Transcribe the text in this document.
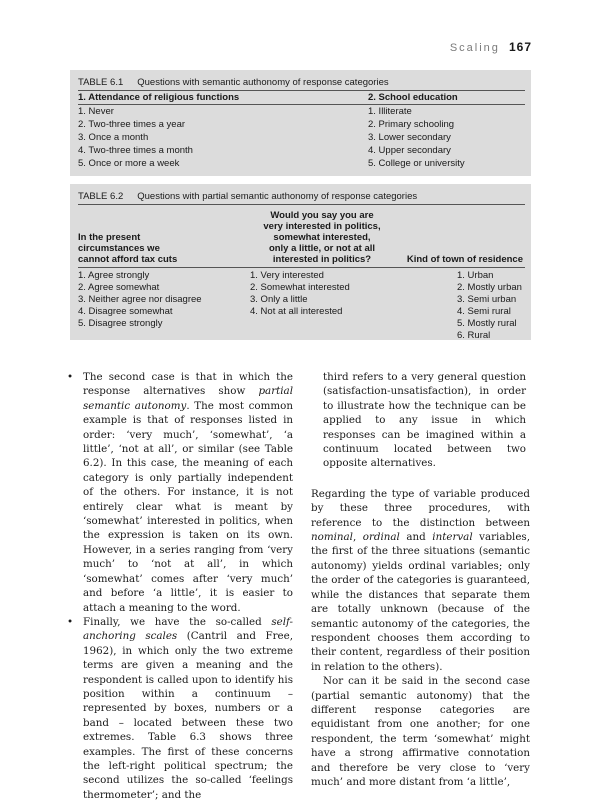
Scaling 167
TABLE 6.1 Questions with semantic authonomy of response categories
1. Attendance of religious functions	2. School education
1. Never
2. Two-three times a year
3. Once a month
4. Two-three times a month
5. Once or more a week
1. Illiterate
2. Primary schooling
3. Lower secondary
4. Upper secondary
5. College or university
TABLE 6.2 Questions with partial semantic authonomy of response categories
In the present
circumstances we
cannot afford tax cuts
Would you say you are
very interested in politics,
somewhat interested,
only a little, or not at all
interested in politics?	Kind of town of residence
1. Agree strongly
2. Agree somewhat
3. Neither agree nor disagree
4. Disagree somewhat
5. Disagree strongly
1. Very interested
2. Somewhat interested
3. Only a little
4. Not at all interested
1. Urban
2. Mostly urban
3. Semi urban
4. Semi rural
5. Mostly rural
6. Rural

• The second case is that in which the response alternatives show partial semantic autonomy. The most common example is that of responses listed in order: ‘very much’, ‘somewhat’, ‘a little’, ‘not at all’, or similar (see Table 6.2). In this case, the meaning of each category is only partially independent of the others. For instance, it is not entirely clear what is meant by ‘somewhat’ interested in politics, when the expression is taken on its own. However, in a series ranging from ‘very much’ to ‘not at all’, in which ‘somewhat’ comes after ‘very much’ and before ‘a little’, it is easier to attach a meaning to the word.

• Finally, we have the so-called self-anchoring scales (Cantril and Free, 1962), in which only the two extreme terms are given a meaning and the respondent is called upon to identify his position within a continuum – represented by boxes, numbers or a band – located between these two extremes. Table 6.3 shows three examples. The first of these concerns the left-right political spectrum; the second utilizes the so-called ‘feelings thermometer’; and the

third refers to a very general question (satisfaction-unsatisfaction), in order to illustrate how the technique can be applied to any issue in which responses can be imagined within a continuum located between two opposite alternatives.

Regarding the type of variable produced by these three procedures, with reference to the distinction between nominal, ordinal and interval variables, the first of the three situations (semantic autonomy) yields ordinal variables; only the order of the categories is guaranteed, while the distances that separate them are totally unknown (because of the semantic autonomy of the categories, the respondent chooses them according to their content, regardless of their position in relation to the others).

Nor can it be said in the second case (partial semantic autonomy) that the different response categories are equidistant from one another; for one respondent, the term ‘somewhat’ might have a strong affirmative connotation and therefore be very close to ‘very much’ and more distant from ‘a little’,
